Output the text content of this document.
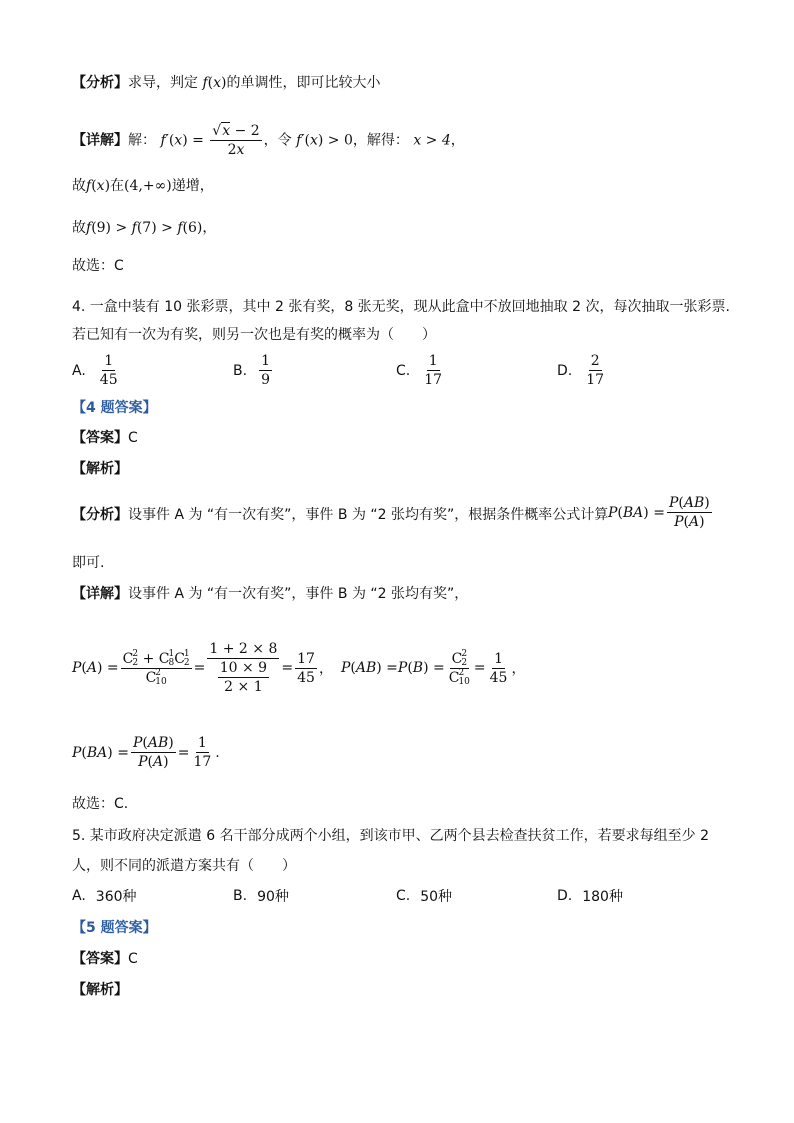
【分析】求导，判定 f(x)的单调性，即可比较大小
【详解】解： $f'(x) = \frac{√x - 2}{2x}$ ，令 f′(x) > 0，解得： x > 4，
故f(x)在(4,+∞)递增，
故f(9) > f(7) > f(6)，
故选：C
4. 一盒中装有 10 张彩票，其中 2 张有奖，8 张无奖，现从此盒中不放回地抽取 2 次，每次抽取一张彩票.
若已知有一次为有奖，则另一次也是有奖的概率为（　　）
A. $\frac{1}{45}$	B. $\frac{1}{9}$	C. $\frac{1}{17}$	D. $\frac{2}{17}$
【4 题答案】
【答案】C
【解析】
【分析】设事件 A 为 “有一次有奖”，事件 B 为 “2 张均有奖”，根据条件概率公式计算 P ( BA ) = $\frac{P(AB)}{P(A)}$
即可.
【详解】设事件 A 为 “有一次有奖”，事件 B 为 “2 张均有奖”，
P ( A ) = C 2
2 + C 1
8 C 1
2
C 2
10 = 1 + 2 × 8
10 × 9
$2 \times 1 = \frac{17}{45}$ ， P ( AB ) = P ( B ) = C 2
2
C 2
$10 = \frac{1}{45}$ ，
P ( BA ) = $\frac{P(AB)}{P(A)} = \frac{1}{17}$ .
故选：C.
5. 某市政府决定派遣 6 名干部分成两个小组，到该市甲、乙两个县去检查扶贫工作，若要求每组至少 2
人，则不同的派遣方案共有（　　）
A. 360种	B. 90种	C. 50种	D. 180种
【5 题答案】
【答案】C
【解析】
